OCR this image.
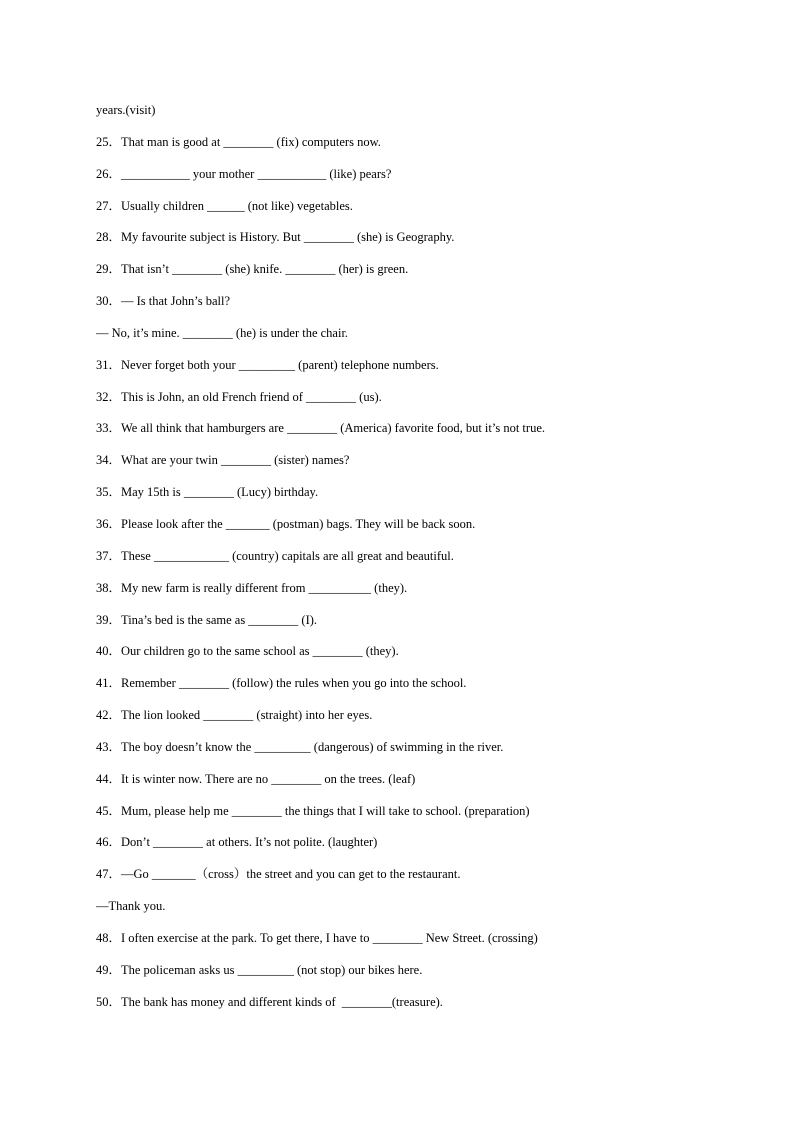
years.(visit)
25．That man is good at ________ (fix) computers now.
26．___________ your mother ___________ (like) pears?
27．Usually children ______ (not like) vegetables.
28．My favourite subject is History. But ________ (she) is Geography.
29．That isn’t ________ (she) knife. ________ (her) is green.
30．— Is that John’s ball?
— No, it’s mine. ________ (he) is under the chair.
31．Never forget both your _________ (parent) telephone numbers.
32．This is John, an old French friend of ________ (us).
33．We all think that hamburgers are ________ (America) favorite food, but it’s not true.
34．What are your twin ________ (sister) names?
35．May 15th is ________ (Lucy) birthday.
36．Please look after the _______ (postman) bags. They will be back soon.
37．These ____________ (country) capitals are all great and beautiful.
38．My new farm is really different from __________ (they).
39．Tina’s bed is the same as ________ (I).
40．Our children go to the same school as ________ (they).
41．Remember ________ (follow) the rules when you go into the school.
42．The lion looked ________ (straight) into her eyes.
43．The boy doesn’t know the _________ (dangerous) of swimming in the river.
44．It is winter now. There are no ________ on the trees. (leaf)
45．Mum, please help me ________ the things that I will take to school. (preparation)
46．Don’t ________ at others. It’s not polite. (laughter)
47．—Go _______（cross）the street and you can get to the restaurant.
—Thank you.
48．I often exercise at the park. To get there, I have to ________ New Street. (crossing)
49．The policeman asks us _________ (not stop) our bikes here.
50．The bank has money and different kinds of  ________(treasure).
